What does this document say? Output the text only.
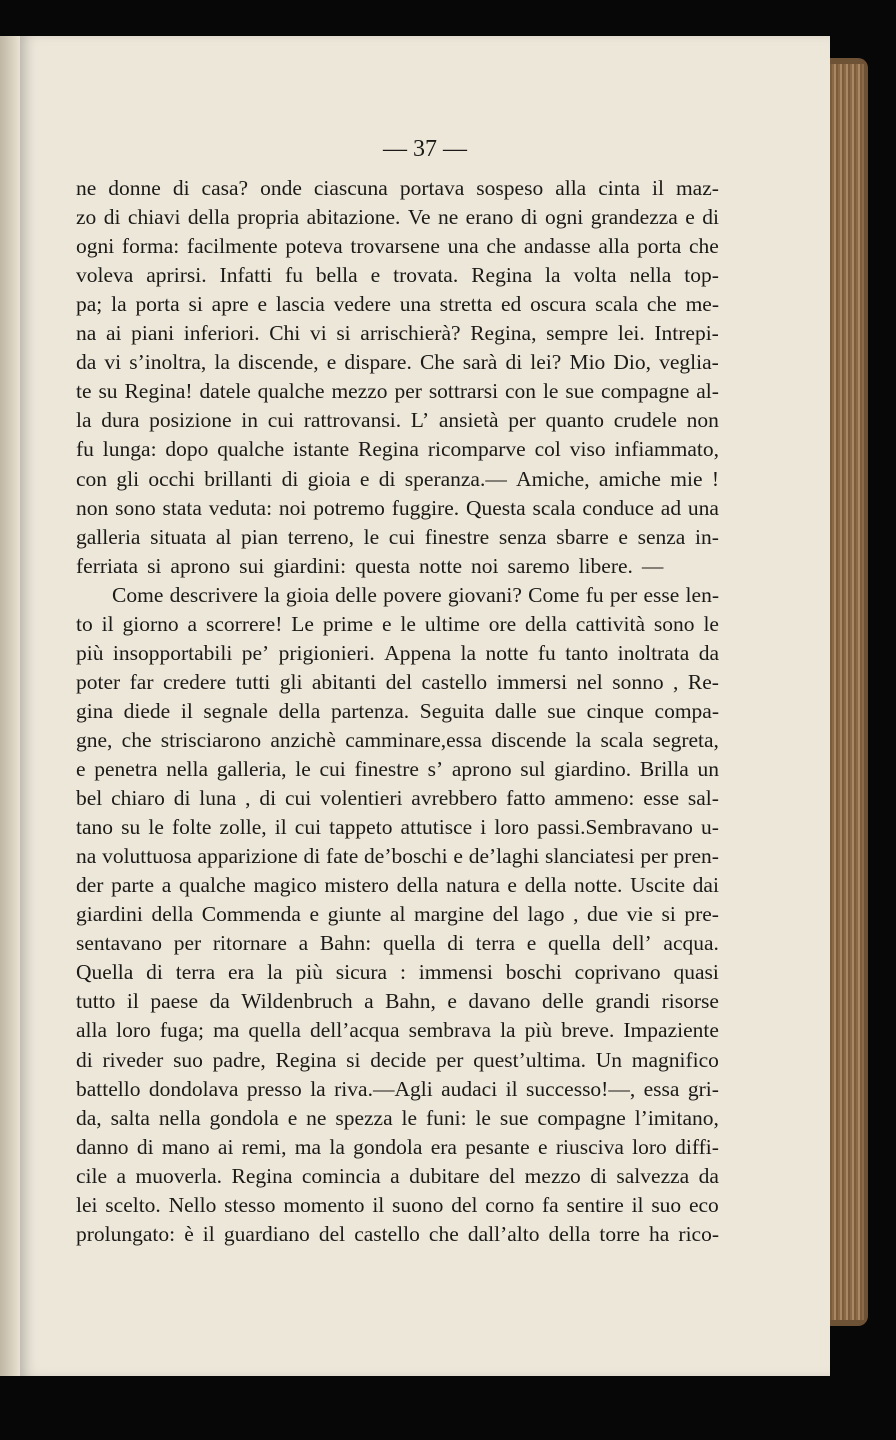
— 37 —
ne donne di casa? onde ciascuna portava sospeso alla cinta il maz-
zo di chiavi della propria abitazione. Ve ne erano di ogni grandezza e di
ogni forma: facilmente poteva trovarsene una che andasse alla porta che
voleva aprirsi. Infatti fu bella e trovata. Regina la volta nella top-
pa; la porta si apre e lascia vedere una stretta ed oscura scala che me-
na ai piani inferiori. Chi vi si arrischierà? Regina, sempre lei. Intrepi-
da vi s’inoltra, la discende, e dispare. Che sarà di lei? Mio Dio, veglia-
te su Regina! datele qualche mezzo per sottrarsi con le sue compagne al-
la dura posizione in cui rattrovansi. L’ ansietà per quanto crudele non
fu lunga: dopo qualche istante Regina ricomparve col viso infiammato,
con gli occhi brillanti di gioia e di speranza.— Amiche, amiche mie !
non sono stata veduta: noi potremo fuggire. Questa scala conduce ad una
galleria situata al pian terreno, le cui finestre senza sbarre e senza in-
ferriata si aprono sui giardini: questa notte noi saremo libere. —
Come descrivere la gioia delle povere giovani? Come fu per esse len-
to il giorno a scorrere! Le prime e le ultime ore della cattività sono le
più insopportabili pe’ prigionieri. Appena la notte fu tanto inoltrata da
poter far credere tutti gli abitanti del castello immersi nel sonno , Re-
gina diede il segnale della partenza. Seguita dalle sue cinque compa-
gne, che strisciarono anzichè camminare,essa discende la scala segreta,
e penetra nella galleria, le cui finestre s’ aprono sul giardino. Brilla un
bel chiaro di luna , di cui volentieri avrebbero fatto ammeno: esse sal-
tano su le folte zolle, il cui tappeto attutisce i loro passi.Sembravano u-
na voluttuosa apparizione di fate de’boschi e de’laghi slanciatesi per pren-
der parte a qualche magico mistero della natura e della notte. Uscite dai
giardini della Commenda e giunte al margine del lago , due vie si pre-
sentavano per ritornare a Bahn: quella di terra e quella dell’ acqua.
Quella di terra era la più sicura : immensi boschi coprivano quasi
tutto il paese da Wildenbruch a Bahn, e davano delle grandi risorse
alla loro fuga; ma quella dell’acqua sembrava la più breve. Impaziente
di riveder suo padre, Regina si decide per quest’ultima. Un magnifico
battello dondolava presso la riva.—Agli audaci il successo!—, essa gri-
da, salta nella gondola e ne spezza le funi: le sue compagne l’imitano,
danno di mano ai remi, ma la gondola era pesante e riusciva loro diffi-
cile a muoverla. Regina comincia a dubitare del mezzo di salvezza da
lei scelto. Nello stesso momento il suono del corno fa sentire il suo eco
prolungato: è il guardiano del castello che dall’alto della torre ha rico-
